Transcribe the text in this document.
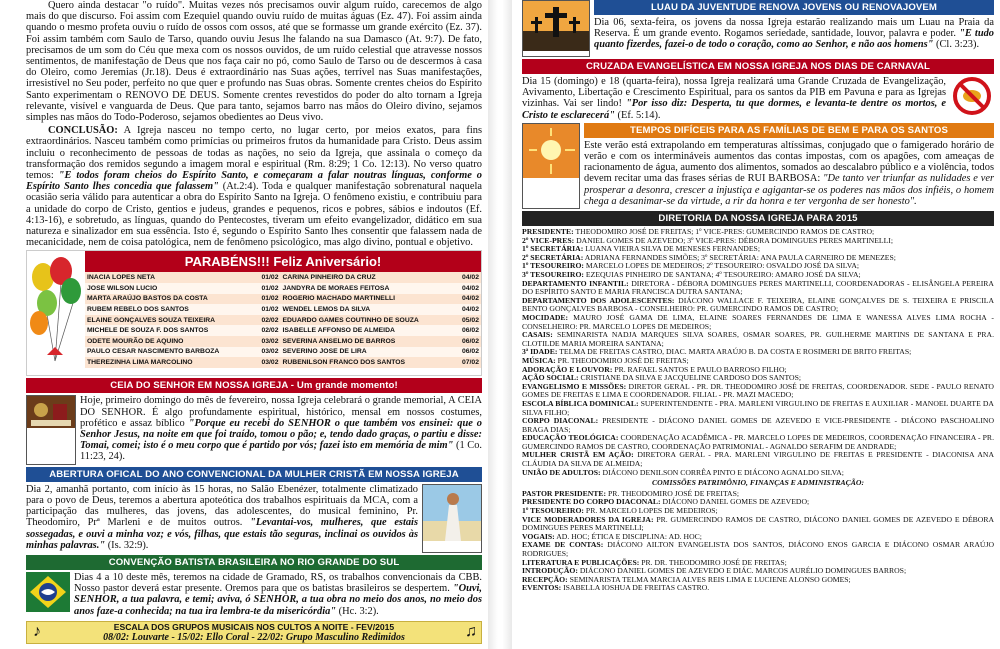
Quero ainda destacar "o ruído". Muitas vezes nós precisamos ouvir algum ruído, carecemos de algo mais do que discurso. Foi assim com Ezequiel quando ouviu ruído de muitas águas (Ez. 47). Foi assim ainda quando o mesmo profeta ouviu o ruído de ossos com ossos, até que se formasse um grande exército (Ez. 37). Foi assim também com Saulo de Tarso, quando ouviu Jesus lhe falando na sua Damasco (At. 9:7). De fato, precisamos de um som do Céu que mexa com os nossos ouvidos, de um ruído celestial que atravesse nossos sentimentos, de manifestação de Deus que nos faça cair no pó, como Saulo de Tarso ou de descermos à casa do Oleiro, como Jeremias (Jr.18). Deus é extraordinário nas Suas ações, terrível nas Suas manifestações, irresistível no Seu poder, perfeito no que quer e profundo nas Suas obras. Somente crentes cheios do Espírito Santo experimentam o RENOVO DE DEUS. Somente crentes revestidos do poder do alto tornam a Igreja relevante, visível e vanguarda de Deus. Que para tanto, sejamos barro nas mãos do Oleiro divino, sejamos simples nas mãos do Todo-Poderoso, sejamos obedientes ao Deus vivo.

CONCLUSÃO: A Igreja nasceu no tempo certo, no lugar certo, por meios exatos, para fins extraordinários. Nasceu também como primícias ou primeiros frutos da humanidade para Cristo. Deus assim incluiu o reconhecimento de pessoas de todas as nações, no seio da Igreja, que assinala o começo da transformação dos remidos segundo a imagem moral e espiritual (Rm. 8:29; 1 Co. 12:13). No verso quatro temos: "E todos foram cheios do Espírito Santo, e começaram a falar noutras línguas, conforme o Espírito Santo lhes concedia que falassem" (At.2:4). Toda e qualquer manifestação sobrenatural naquela ocasião seria válido para autenticar a obra do Espírito Santo na Igreja. O fenômeno existiu, e contribuiu para a unidade do corpo de Cristo, gentios e judeus, grandes e pequenos, ricos e pobres, sábios e indoutos (Ef. 4:13-16), e sobretudo, as línguas, quando do Pentecostes, tiveram um efeito evangelizador, didático em sua natureza e sinalizador em sua essência. Isto é, segundo o Espírito Santo lhes consentir que falassem nada de mecanicidade, nem de coisa patológica, nem de fenômeno psicológico, mas algo divino, pontual e objetivo.

PARABÉNS!!! Feliz Aniversário!
INACIA LOPES NETA	01/02	CARINA PINHEIRO DA CRUZ	04/02
JOSE WILSON LUCIO	01/02	JANDYRA DE MORAES FEITOSA	04/02
MARTA ARAÚJO BASTOS DA COSTA	01/02	ROGERIO MACHADO MARTINELLI	04/02
RUBEM REBELO DOS SANTOS	01/02	WENDEL LEMOS DA SILVA	04/02
ELAINE GONÇALVES SOUZA TEIXEIRA	02/02	EDUARDO GAMES COUTINHO DE SOUZA	05/02
MICHELE DE SOUZA F. DOS SANTOS	02/02	ISABELLE AFFONSO DE ALMEIDA	06/02
ODETE MOURÃO DE AQUINO	03/02	SEVERINA ANSELMO DE BARROS	06/02
PAULO CESAR NASCIMENTO BARBOZA	03/02	SEVERINO JOSE DE LIRA	06/02
THEREZINHA LIMA MARCOLINO	03/02	RUBENILSON FRANCO DOS SANTOS	07/02
CEIA DO SENHOR EM NOSSA IGREJA - Um grande momento!

Hoje, primeiro domingo do mês de fevereiro, nossa Igreja celebrará o grande memorial, A CEIA DO SENHOR. É algo profundamente espiritual, histórico, mensal em nossos costumes, profético e assaz bíblico "Porque eu recebi do SENHOR o que também vos ensinei: que o Senhor Jesus, na noite em que foi traído, tomou o pão; e, tendo dado graças, o partiu e disse: Tomai, comei; isto é o meu corpo que é partido por vós; fazei isto em memória de mim" (1 Co. 11:23, 24).

ABERTURA OFICAL DO ANO CONVENCIONAL DA MULHER CRISTÃ EM NOSSA IGREJA

Dia 2, amanhã portanto, com início às 15 horas, no Salão Ebenézer, totalmente climatizado para o povo de Deus, teremos a abertura apoteótica dos trabalhos espirituais da MCA, com a participação das mulheres, das jovens, das adolescentes, do musical feminino, Pr. Theodomiro, Prª Marleni e de muitos outros. "Levantai-vos, mulheres, que estais sossegadas, e ouvi a minha voz; e vós, filhas, que estais tão seguras, inclinai os ouvidos às minhas palavras." (Is. 32:9).

CONVENÇÃO BATISTA BRASILEIRA NO RIO GRANDE DO SUL

Dias 4 a 10 deste mês, teremos na cidade de Gramado, RS, os trabalhos convencionais da CBB. Nosso pastor deverá estar presente. Oremos para que os batistas brasileiros se despertem. "Ouvi, SENHOR, a tua palavra, e temi; aviva, ó SENHOR, a tua obra no meio dos anos, no meio dos anos faze-a conhecida; na tua ira lembra-te da misericórdia" (Hc. 3:2).

♪	ESCALA DOS GRUPOS MUSICAIS NOS CULTOS A NOITE - FEV/2015
08/02: Louvarte - 15/02: Ello Coral - 22/02: Grupo Masculino Redimidos	♫
LUAU DA JUVENTUDE RENOVA JOVENS OU RENOVAJOVEM

Dia 06, sexta-feira, os jovens da nossa Igreja estarão realizando mais um Luau na Praia da Reserva. É um grande evento. Rogamos seriedade, santidade, louvor, palavra e poder. "E tudo quanto fizerdes, fazei-o de todo o coração, como ao Senhor, e não aos homens" (Cl. 3:23).

CRUZADA EVANGELÍSTICA EM NOSSA IGREJA NOS DIAS DE CARNAVAL

Dia 15 (domingo) e 18 (quarta-feira), nossa Igreja realizará uma Grande Cruzada de Evangelização, Avivamento, Libertação e Crescimento Espiritual, para os santos da PIB em Pavuna e para as Igrejas vizinhas. Vai ser lindo! "Por isso diz: Desperta, tu que dormes, e levanta-te dentre os mortos, e Cristo te esclarecerá" (Ef. 5:14).

TEMPOS DIFÍCEIS PARA AS FAMÍLIAS DE BEM E PARA OS SANTOS

Este verão está extrapolando em temperaturas altíssimas, conjugado que o famigerado horário de verão e com os intermináveis aumentos das contas impostas, com os apagões, com ameaças de racionamento de água, aumento dos alimentos, somados ao descalabro público e a violência, todos devem recitar uma das frases sérias de RUI BARBOSA: "De tanto ver triunfar as nulidades e ver prosperar a desonra, crescer a injustiça e agigantar-se os poderes nas mãos dos infiéis, o homem chega a desanimar-se da virtude, a rir da honra e ter vergonha de ser honesto".

DIRETORIA DA NOSSA IGREJA PARA 2015
PRESIDENTE: THEODOMIRO JOSÉ DE FREITAS; 1º VICE-PRES: GUMERCINDO RAMOS DE CASTRO;
2º VICE-PRES: DANIEL GOMES DE AZEVEDO; 3º VICE-PRES: DÉBORA DOMINGUES PERES MARTINELLI;
1º SECRETÁRIA: LUANA VIEIRA SILVA DE MENESES FERNANDES;
2º SECRETÁRIA: ADRIANA FERNANDES SIMÕES; 3º SECRETÁRIA: ANA PAULA CARNEIRO DE MENEZES;
1º TESOUREIRO: MARCELO LOPES DE MEDEIROS; 2º TESOUREIRO: OSVALDO JOSÉ DA SILVA;
3º TESOUREIRO: EZEQUIAS PINHEIRO DE SANTANA; 4º TESOUREIRO: AMARO JOSÉ DA SILVA;
DEPARTAMENTO INFANTIL: DIRETORA - DÉBORA DOMINGUES PERES MARTINELLI, COORDENADORAS - ELISÂNGELA PEREIRA DO ESPÍRITO SANTO E MARIA FRANCISCA DUTRA SANTANA;
DEPARTAMENTO DOS ADOLESCENTES: DIÁCONO WALLACE F. TEIXEIRA, ELAINE GONÇALVES DE S. TEIXEIRA E PRISCILA BENTO GONÇALVES BARBOSA - CONSELHEIRO: PR. GUMERCINDO RAMOS DE CASTRO;
MOCIDADE: MAURO JOSÉ GAMA DE LIMA, ELAINE SOARES FERNANDES DE LIMA E WANESSA ALVES LIMA ROCHA - CONSELHEIRO: PR. MARCELO LOPES DE MEDEIROS;
CASAIS: SEMINARISTA NADJA MARQUES SILVA SOARES, OSMAR SOARES, PR. GUILHERME MARTINS DE SANTANA E PRA. CLOTILDE MARIA MOREIRA SANTANA;
3ª IDADE: TELMA DE FREITAS CASTRO, DIAC. MARTA ARAÚJO B. DA COSTA E ROSIMERI DE BRITO FREITAS;
MÚSICA: PR. THEODOMIRO JOSÉ DE FREITAS;
ADORAÇÃO E LOUVOR: PR. RAFAEL SANTOS E PAULO BARROSO FILHO;
AÇÃO SOCIAL: CRISTIANE DA SILVA E JACQUELINE CARDOSO DOS SANTOS;
EVANGELISMO E MISSÕES: DIRETOR GERAL - PR. DR. THEODOMIRO JOSÉ DE FREITAS, COORDENADOR. SEDE - PAULO RENATO GOMES DE FREITAS E LIMA E COORDENADOR. FILIAL - PR. MAZI MACEDO;
ESCOLA BÍBLICA DOMINICAL: SUPERINTENDENTE - PRA. MARLENI VIRGULINO DE FREITAS E AUXILIAR - MANOEL DUARTE DA SILVA FILHO;
CORPO DIACONAL: PRESIDENTE - DIÁCONO DANIEL GOMES DE AZEVEDO E VICE-PRESIDENTE - DIÁCONO PASCHOALINO BRAGA DIAS;
EDUCAÇÃO TEOLÓGICA: COORDENAÇÃO ACADÊMICA - PR. MARCELO LOPES DE MEDEIROS, COORDENAÇÃO FINANCEIRA - PR. GUMERCINDO RAMOS DE CASTRO, COORDENAÇÃO PATRIMONIAL - AGNALDO SERAFIM DE ANDRADE;
MULHER CRISTÃ EM AÇÃO: DIRETORA GERAL - PRA. MARLENI VIRGULINO DE FREITAS E PRESIDENTE - DIACONISA ANA CLÁUDIA DA SILVA DE ALMEIDA;
UNIÃO DE ADULTOS: DIÁCONO DENILSON CORRÊA PINTO E DIÁCONO AGNALDO SILVA;
COMISSÕES PATRIMÔNIO, FINANÇAS E ADMINISTRAÇÃO:
PASTOR PRESIDENTE: PR. THEODOMIRO JOSÉ DE FREITAS;
PRESIDENTE DO CORPO DIACONAL: DIÁCONO DANIEL GOMES DE AZEVEDO;
1º TESOUREIRO: PR. MARCELO LOPES DE MEDEIROS;
VICE MODERADORES DA IGREJA: PR. GUMERCINDO RAMOS DE CASTRO, DIÁCONO DANIEL GOMES DE AZEVEDO E DÉBORA DOMINGUES PERES MARTINELLI;
VOGAIS: AD. HOC; ÉTICA E DISCIPLINA: AD. HOC;
EXAME DE CONTAS: DIÁCONO AILTON EVANGELISTA DOS SANTOS, DIÁCONO ENOS GARCIA E DIÁCONO OSMAR ARAÚJO RODRIGUES;
LITERATURA E PUBLICAÇÕES: PR. DR. THEODOMIRO JOSÉ DE FREITAS;
INTRODUÇÃO: DIÁCONO DANIEL GOMES DE AZEVEDO E DIÁC. MARCOS AURÉLIO DOMINGUES BARROS;
RECEPÇÃO: SEMINARISTA TELMA MARCIA ALVES REIS LIMA E LUCIENE ALONSO GOMES;
EVENTOS: ISABELLA IOSHUA DE FREITAS CASTRO.
